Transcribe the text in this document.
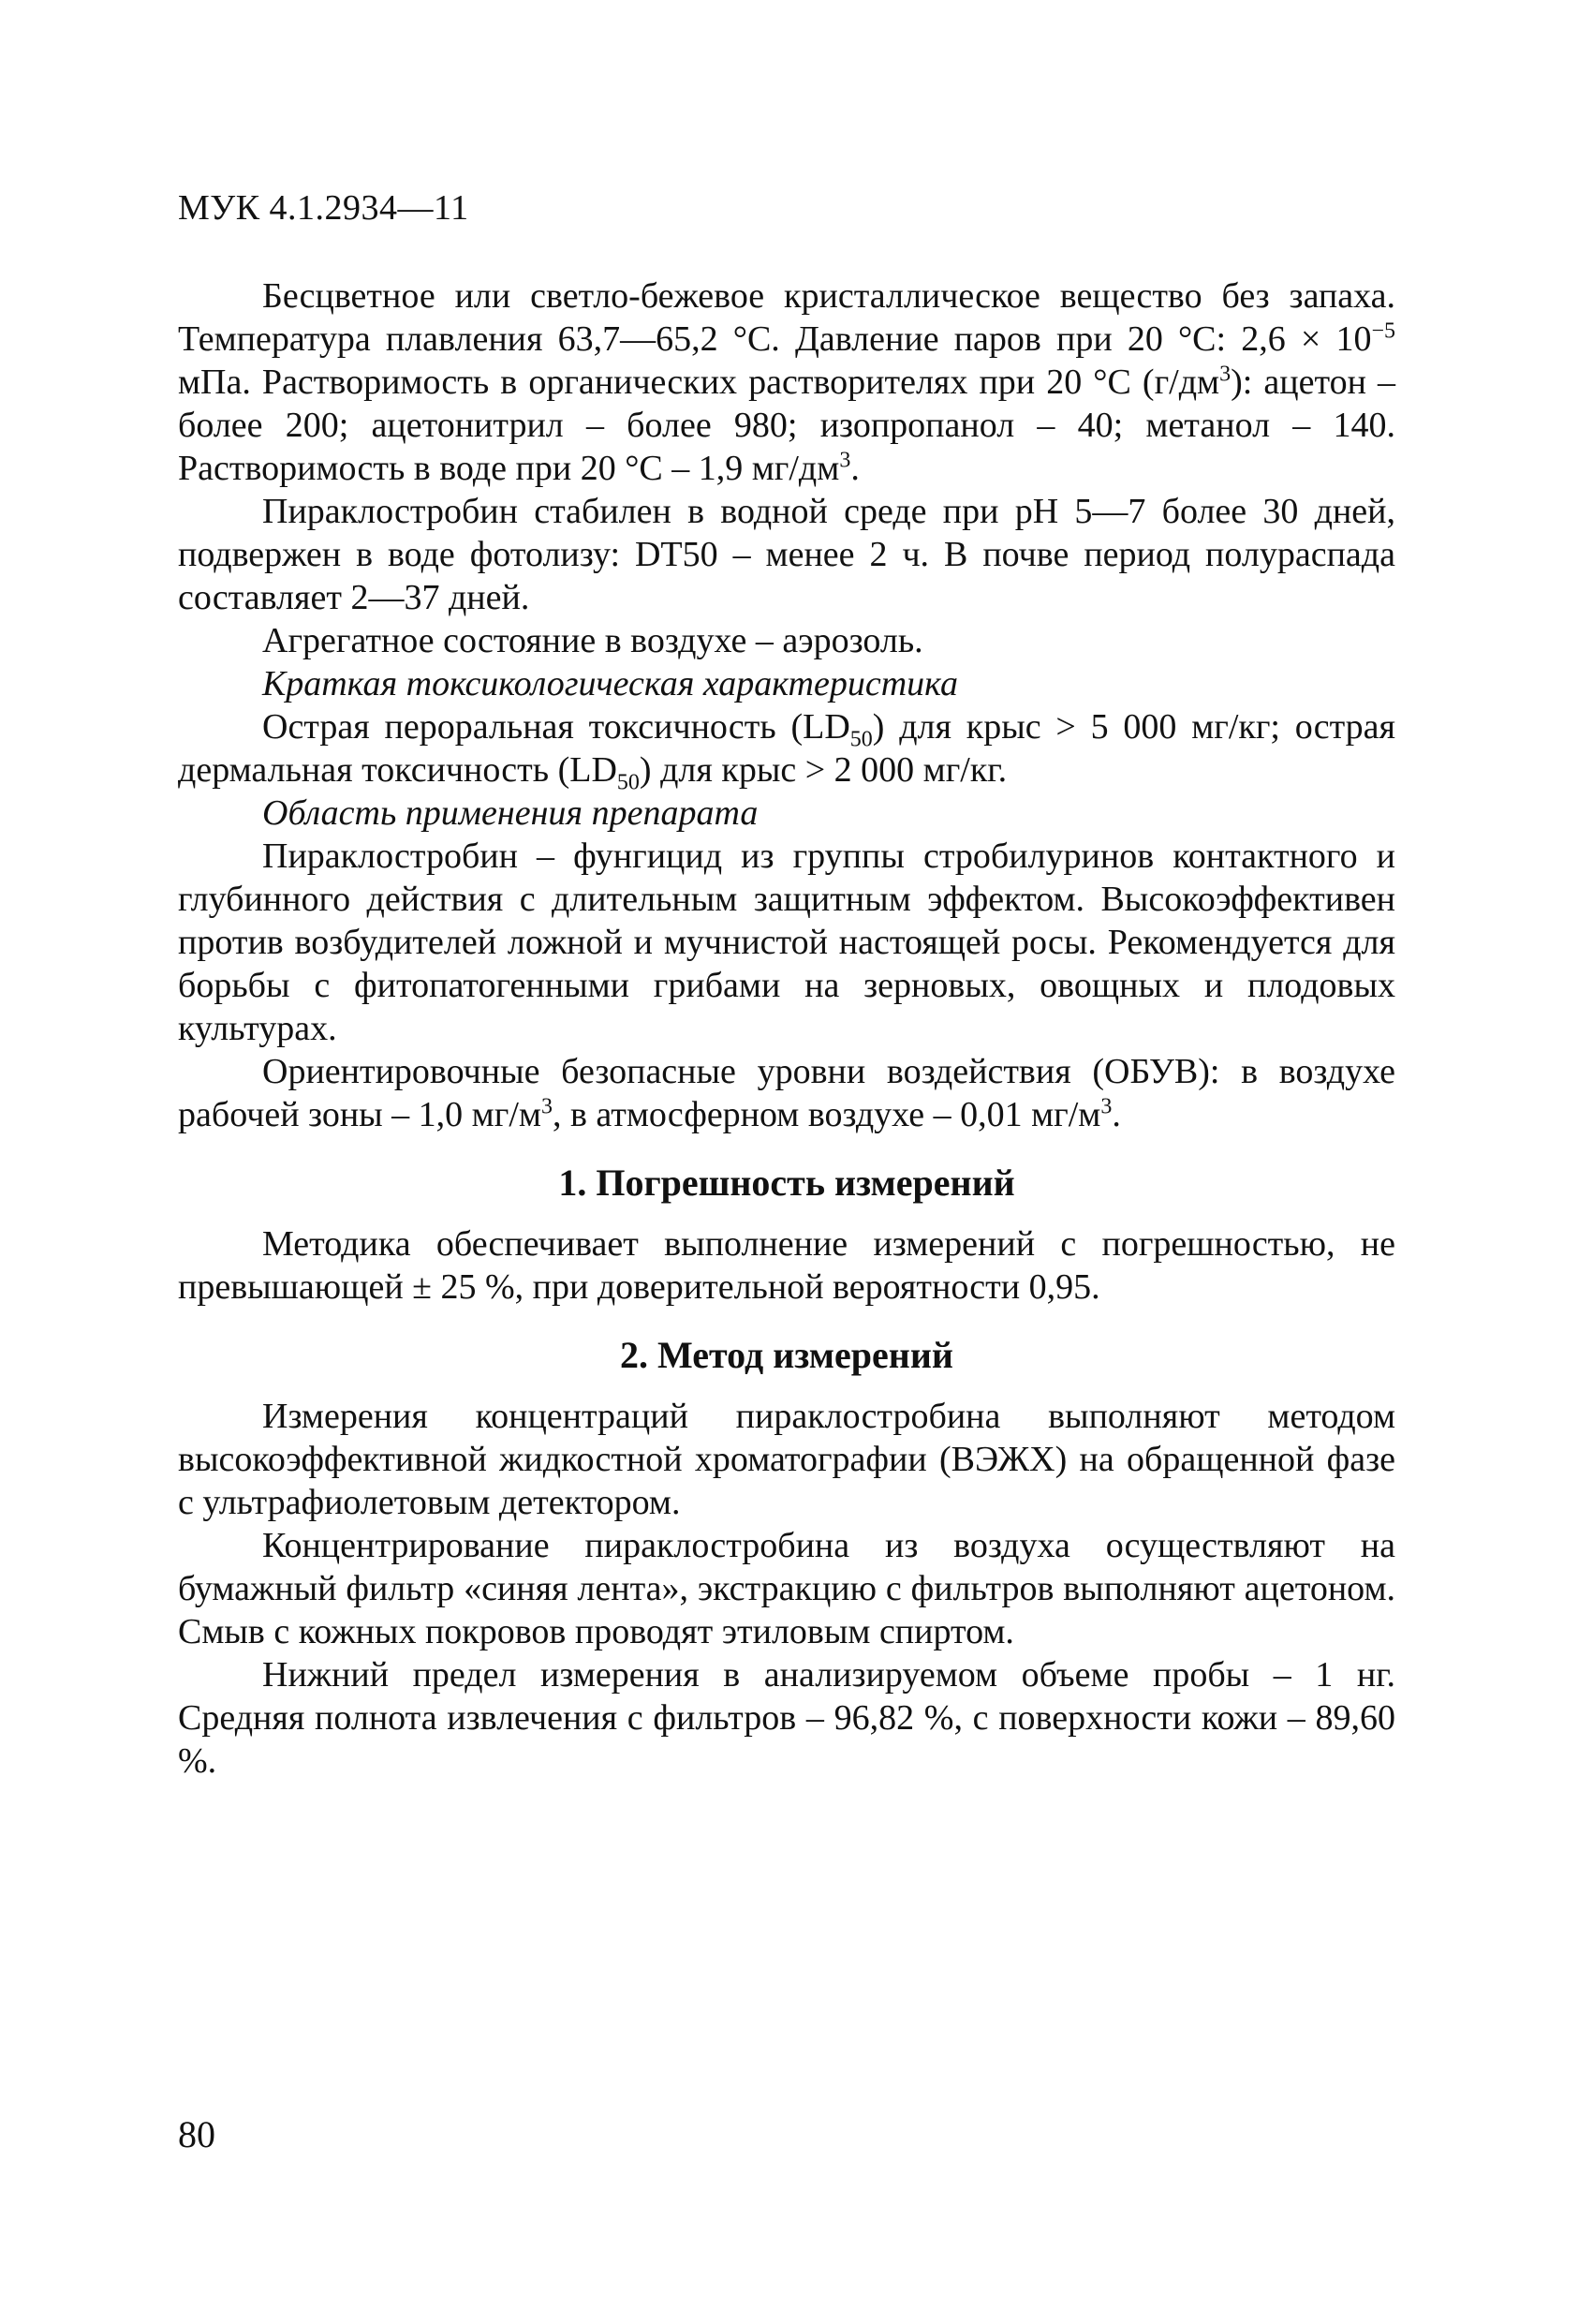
МУК 4.1.2934—11

Бесцветное или светло-бежевое кристаллическое вещество без запаха. Температура плавления 63,7—65,2 °С. Давление паров при 20 °С: $2,6 \times 10^{-5}$ мПа. Растворимость в органических растворителях при 20 °С $(г/дм^3)$: ацетон – более 200; ацетонитрил – более 980; изопропанол – 40; метанол – 140. Растворимость в воде при 20 °С – 1,9 $мг/дм^3$.

Пираклостробин стабилен в водной среде при рН 5—7 более 30 дней, подвержен в воде фотолизу: DT50 – менее 2 ч. В почве период полураспада составляет 2—37 дней.

Агрегатное состояние в воздухе – аэрозоль.

Краткая токсикологическая характеристика

Острая пероральная токсичность $(LD_{50})$ для крыс > 5 000 мг/кг; острая дермальная токсичность $(LD_{50})$ для крыс > 2 000 мг/кг.

Область применения препарата

Пираклостробин – фунгицид из группы стробилуринов контактного и глубинного действия с длительным защитным эффектом. Высокоэффективен против возбудителей ложной и мучнистой настоящей росы. Рекомендуется для борьбы с фитопатогенными грибами на зерновых, овощных и плодовых культурах.

Ориентировочные безопасные уровни воздействия (ОБУВ): в воздухе рабочей зоны – 1,0 $мг/м^3$, в атмосферном воздухе – 0,01 $мг/м^3$.

1. Погрешность измерений

Методика обеспечивает выполнение измерений с погрешностью, не превышающей ± 25 %, при доверительной вероятности 0,95.

2. Метод измерений

Измерения концентраций пираклостробина выполняют методом высокоэффективной жидкостной хроматографии (ВЭЖХ) на обращенной фазе с ультрафиолетовым детектором.

Концентрирование пираклостробина из воздуха осуществляют на бумажный фильтр «синяя лента», экстракцию с фильтров выполняют ацетоном. Смыв с кожных покровов проводят этиловым спиртом.

Нижний предел измерения в анализируемом объеме пробы – 1 нг. Средняя полнота извлечения с фильтров – 96,82 %, с поверхности кожи – 89,60 %.

80
